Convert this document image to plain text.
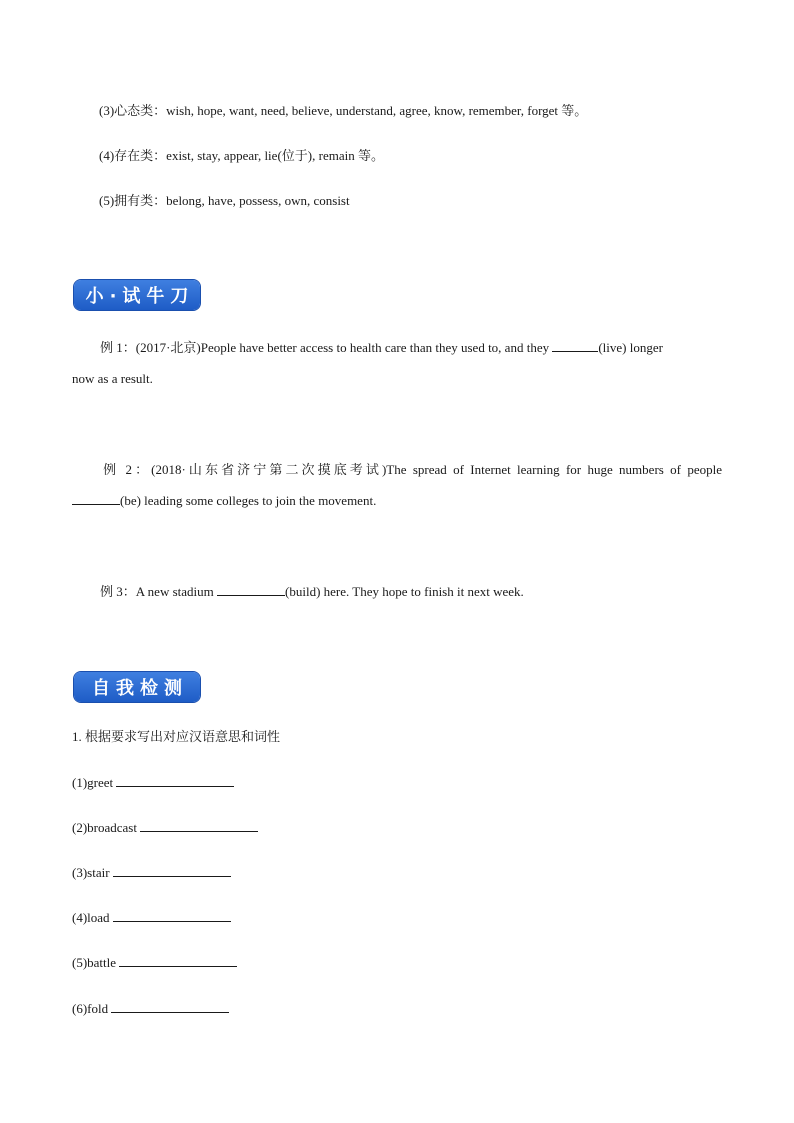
(3)心态类：wish, hope, want, need, believe, understand, agree, know, remember, forget 等。
(4)存在类：exist, stay, appear, lie(位于), remain 等。
(5)拥有类：belong, have, possess, own, consist
小·试牛刀
例 1：(2017·北京)People have better access to health care than they used to, and they	(live) longer
now as a result.
例 2：(2018·山东省济宁第二次摸底考试)The spread of Internet learning for huge numbers of people
(be) leading some colleges to join the movement.
例 3：A new stadium	(build) here. They hope to finish it next week.
自我检测
1. 根据要求写出对应汉语意思和词性
(1)greet
(2)broadcast
(3)stair
(4)load
(5)battle
(6)fold
